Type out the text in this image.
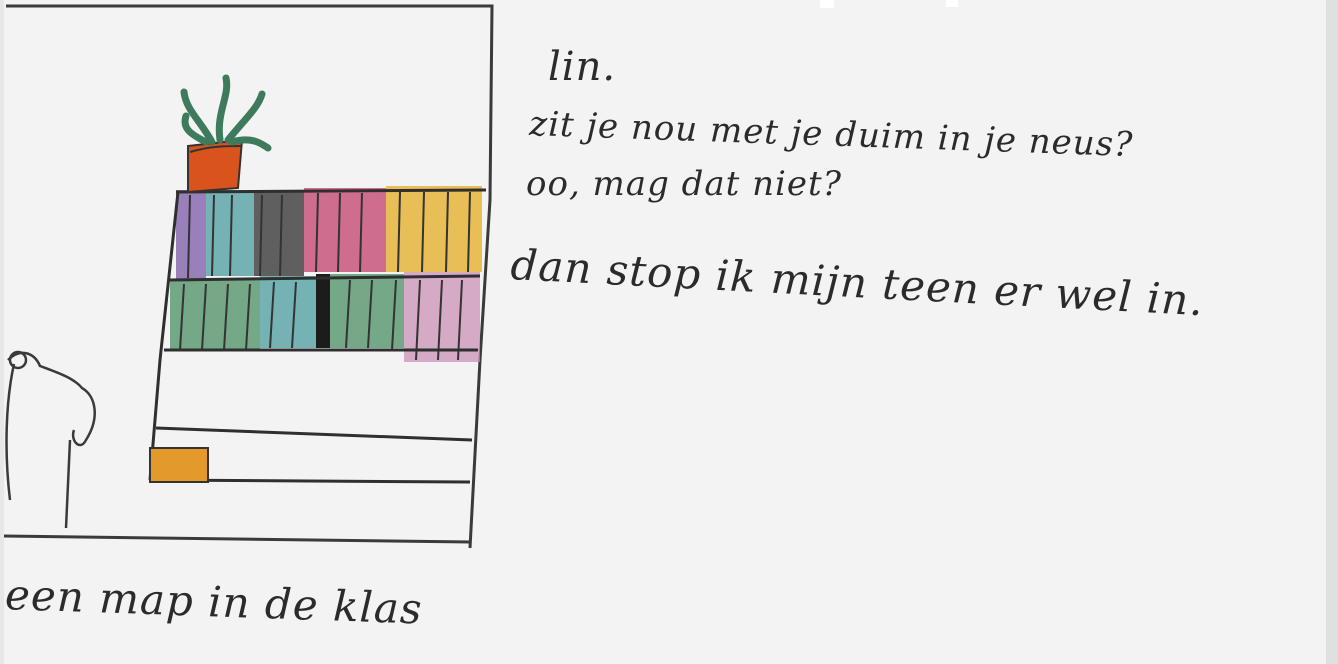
lin.
zit je nou met je duim in je neus?
oo, mag dat niet?
dan stop ik mijn teen er wel in.
een map in de klas
